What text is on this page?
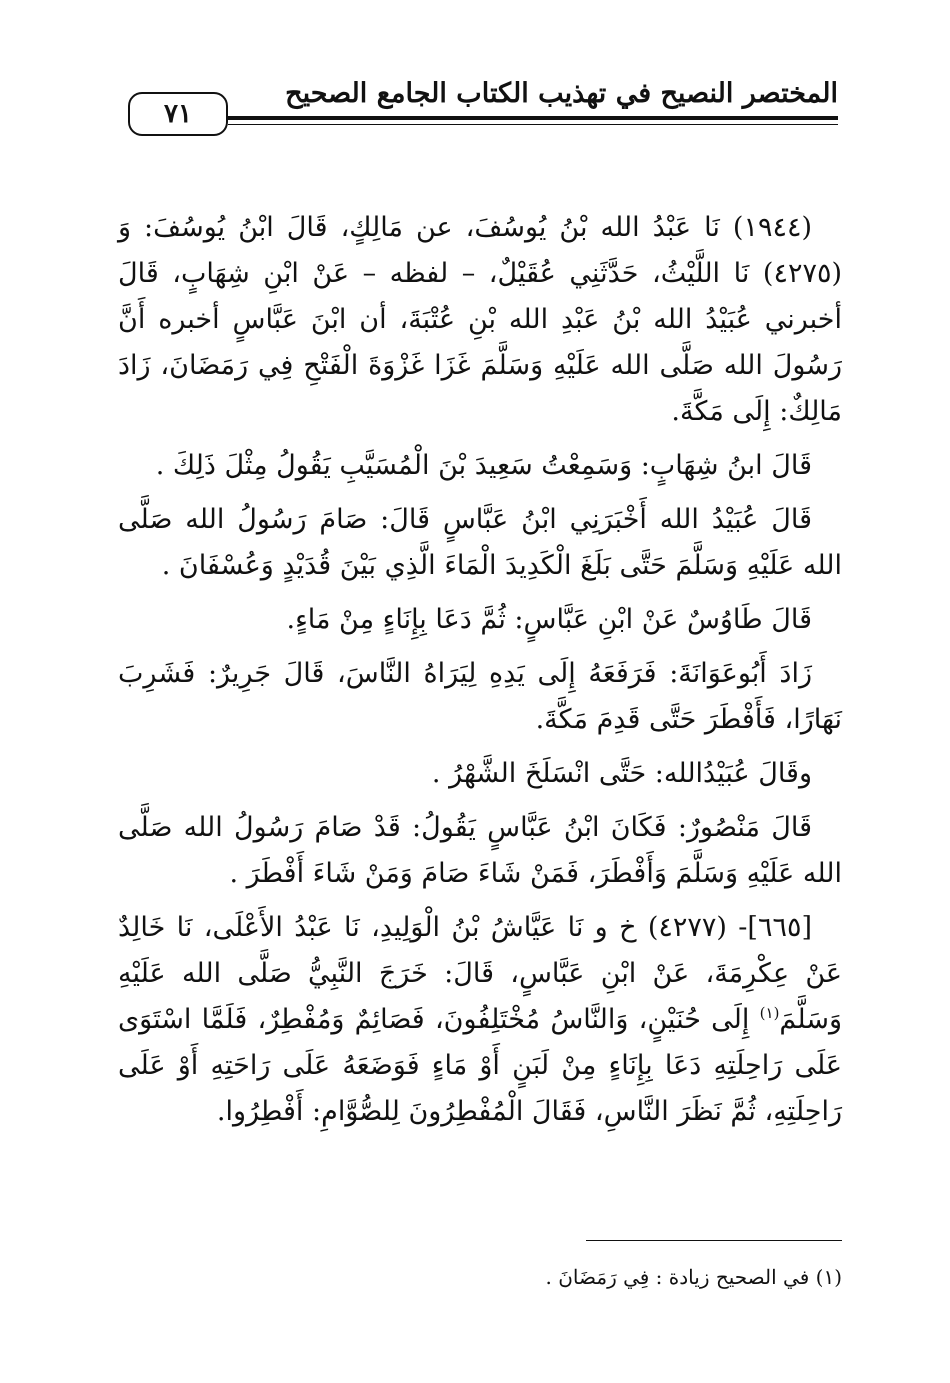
٧١
المختصر النصيح في تهذيب الكتاب الجامع الصحيح

(١٩٤٤) نَا عَبْدُ الله بْنُ يُوسُفَ، عن مَالِكٍ، قَالَ ابْنُ يُوسُفَ: وَ (٤٢٧٥) نَا اللَّيْثُ، حَدَّثَنِي عُقَيْلٌ، – لفظه – عَنْ ابْنِ شِهَابٍ، قَالَ أخبرني عُبَيْدُ الله بْنُ عَبْدِ الله بْنِ عُتْبَةَ، أن ابْنَ عَبَّاسٍ أخبره أَنَّ رَسُولَ الله صَلَّى الله عَلَيْهِ وَسَلَّمَ غَزَا غَزْوَةَ الْفَتْحِ فِي رَمَضَانَ، زَادَ مَالِكٌ: إِلَى مَكَّةَ.

قَالَ ابنُ شِهَابٍ: وَسَمِعْتُ سَعِيدَ بْنَ الْمُسَيَّبِ يَقُولُ مِثْلَ ذَلِكَ .

قَالَ عُبَيْدُ الله أَخْبَرَنِي ابْنُ عَبَّاسٍ قَالَ: صَامَ رَسُولُ الله صَلَّى الله عَلَيْهِ وَسَلَّمَ حَتَّى بَلَغَ الْكَدِيدَ الْمَاءَ الَّذِي بَيْنَ قُدَيْدٍ وَعُسْفَانَ .

قَالَ طَاوُسٌ عَنْ ابْنِ عَبَّاسٍ: ثُمَّ دَعَا بِإِنَاءٍ مِنْ مَاءٍ.

زَادَ أَبُوعَوَانَةَ: فَرَفَعَهُ إِلَى يَدِهِ لِيَرَاهُ النَّاسَ، قَالَ جَرِيرٌ: فَشَرِبَ نَهَارًا، فَأَفْطَرَ حَتَّى قَدِمَ مَكَّةَ.

وقَالَ عُبَيْدُالله: حَتَّى انْسَلَخَ الشَّهْرُ .

قَالَ مَنْصُورٌ: فَكَانَ ابْنُ عَبَّاسٍ يَقُولُ: قَدْ صَامَ رَسُولُ الله صَلَّى الله عَلَيْهِ وَسَلَّمَ وَأَفْطَرَ، فَمَنْ شَاءَ صَامَ وَمَنْ شَاءَ أَفْطَرَ .

[٦٦٥]- (٤٢٧٧) خ و نَا عَيَّاشُ بْنُ الْوَلِيدِ، نَا عَبْدُ الأَعْلَى، نَا خَالِدٌ عَنْ عِكْرِمَةَ، عَنْ ابْنِ عَبَّاسٍ، قَالَ: خَرَجَ النَّبِيُّ صَلَّى الله عَلَيْهِ وَسَلَّمَ$^{(١)}$ إِلَى حُنَيْنٍ، وَالنَّاسُ مُخْتَلِفُونَ، فَصَائِمٌ وَمُفْطِرٌ، فَلَمَّا اسْتَوَى عَلَى رَاحِلَتِهِ دَعَا بِإِنَاءٍ مِنْ لَبَنٍ أَوْ مَاءٍ فَوَضَعَهُ عَلَى رَاحَتِهِ أَوْ عَلَى رَاحِلَتِهِ، ثُمَّ نَظَرَ النَّاسِ، فَقَالَ الْمُفْطِرُونَ لِلصُّوَّامِ: أَفْطِرُوا.

(١) في الصحيح زيادة : فِي رَمَضَانَ .
